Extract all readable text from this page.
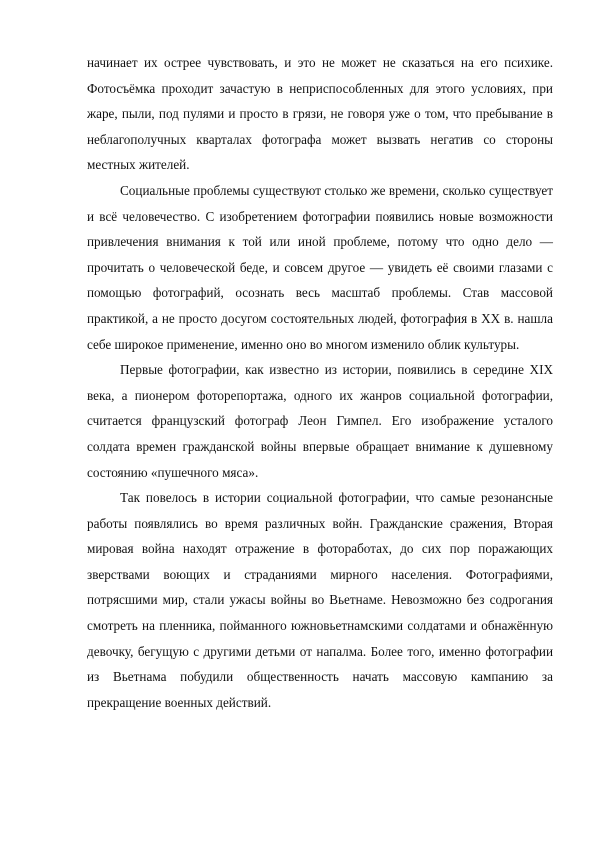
начинает их острее чувствовать, и это не может не сказаться на его психике. Фотосъёмка проходит зачастую в неприспособленных для этого условиях, при жаре, пыли, под пулями и просто в грязи, не говоря уже о том, что пребывание в неблагополучных кварталах фотографа может вызвать негатив со стороны местных жителей.

Социальные проблемы существуют столько же времени, сколько существует и всё человечество. С изобретением фотографии появились новые возможности привлечения внимания к той или иной проблеме, потому что одно дело — прочитать о человеческой беде, и совсем другое — увидеть её своими глазами с помощью фотографий, осознать весь масштаб проблемы. Став массовой практикой, а не просто досугом состоятельных людей, фотография в XX в. нашла себе широкое применение, именно оно во многом изменило облик культуры.

Первые фотографии, как известно из истории, появились в середине XIX века, а пионером фоторепортажа, одного их жанров социальной фотографии, считается французский фотограф Леон Гимпел. Его изображение усталого солдата времен гражданской войны впервые обращает внимание к душевному состоянию «пушечного мяса».

Так повелось в истории социальной фотографии, что самые резонансные работы появлялись во время различных войн. Гражданские сражения, Вторая мировая война находят отражение в фотоработах, до сих пор поражающих зверствами воющих и страданиями мирного населения. Фотографиями, потрясшими мир, стали ужасы войны во Вьетнаме. Невозможно без содрогания смотреть на пленника, пойманного южновьетнамскими солдатами и обнажённую девочку, бегущую с другими детьми от напалма. Более того, именно фотографии из Вьетнама побудили общественность начать массовую кампанию за прекращение военных действий.
